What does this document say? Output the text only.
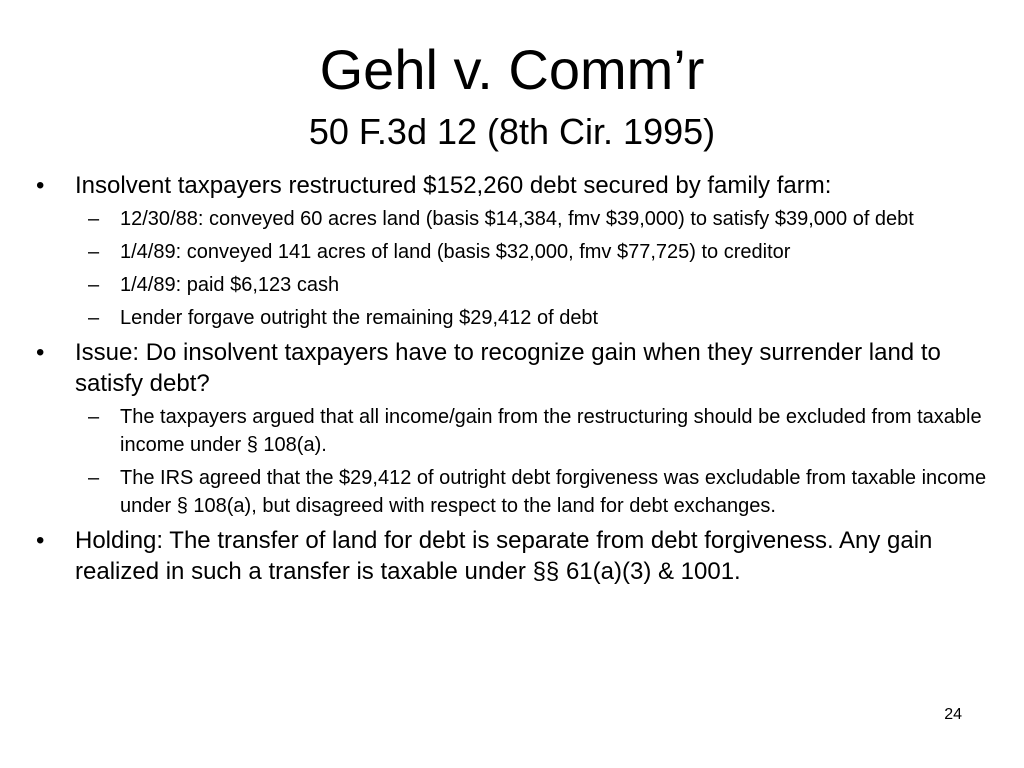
Gehl v. Comm’r
50 F.3d 12 (8th Cir. 1995)
•	Insolvent taxpayers restructured $152,260 debt secured by family farm:
– 12/30/88: conveyed 60 acres land (basis $14,384, fmv $39,000) to satisfy $39,000 of debt
– 1/4/89: conveyed 141 acres of land (basis $32,000, fmv $77,725) to creditor
– 1/4/89: paid $6,123 cash
– Lender forgave outright the remaining $29,412 of debt
•	Issue: Do insolvent taxpayers have to recognize gain when they surrender land to satisfy debt?
– The taxpayers argued that all income/gain from the restructuring should be excluded from taxable income under § 108(a).
– The IRS agreed that the $29,412 of outright debt forgiveness was excludable from taxable income under § 108(a), but disagreed with respect to the land for debt exchanges.
•	Holding: The transfer of land for debt is separate from debt forgiveness. Any gain realized in such a transfer is taxable under §§ 61(a)(3) & 1001.
24
